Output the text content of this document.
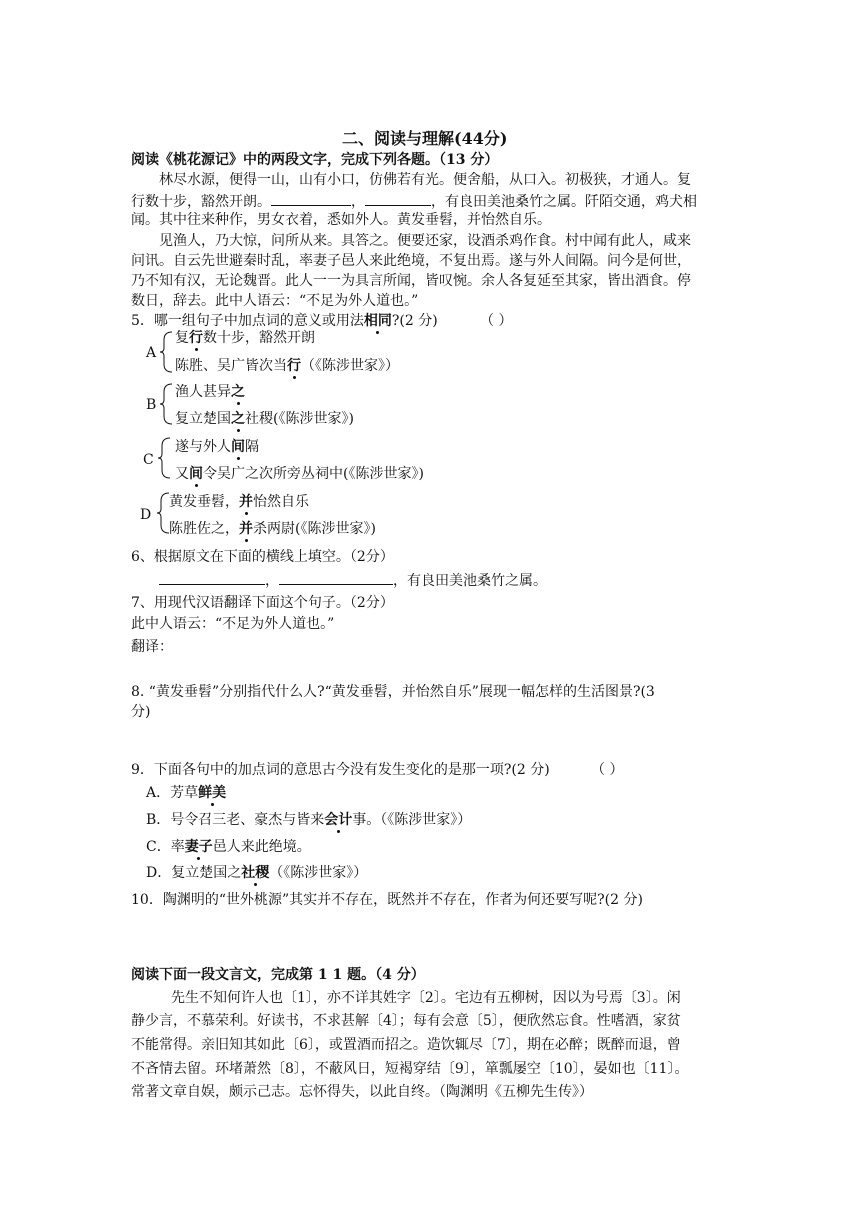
二、阅读与理解(44分)
阅读《桃花源记》中的两段文字，完成下列各题。（13 分）
林尽水源，便得一山，山有小口，仿佛若有光。便舍船，从口入。初极狭，才通人。复
行数十步，豁然开朗。	，	，有良田美池桑竹之属。阡陌交通，鸡犬相
闻。其中往来种作，男女衣着，悉如外人。黄发垂髫，并怡然自乐。
见渔人，乃大惊，问所从来。具答之。便要还家，设酒杀鸡作食。村中闻有此人，咸来
问讯。自云先世避秦时乱，率妻子邑人来此绝境，不复出焉。遂与外人间隔。问今是何世，
乃不知有汉，无论魏晋。此人一一为具言所闻，皆叹惋。余人各复延至其家，皆出酒食。停
数日，辞去。此中人语云：“不足为外人道也。”
5．哪一组句子中加点词的意义或用法相同?(2 分)	（ ）
A
复行数十步，豁然开朗
陈胜、吴广皆次当行（《陈涉世家》）
B
渔人甚异之
复立楚国之社稷(《陈涉世家》)
C
遂与外人间隔
又间令吴广之次所旁丛祠中(《陈涉世家》)
D
黄发垂髫，并怡然自乐
陈胜佐之，并杀两尉(《陈涉世家》)
6、根据原文在下面的横线上填空。（2分）
，	，有良田美池桑竹之属。
7、用现代汉语翻译下面这个句子。（2分）
此中人语云：“不足为外人道也。”
翻译：
8. “黄发垂髫”分别指代什么人?“黄发垂髫，并怡然自乐”展现一幅怎样的生活图景?(3
分)
9．下面各句中的加点词的意思古今没有发生变化的是那一项?(2 分)	（ ）
A．芳草鲜美
B．号令召三老、豪杰与皆来会计事。（《陈涉世家》）
C．率妻子邑人来此绝境。
D．复立楚国之社稷（《陈涉世家》）
10．陶渊明的“世外桃源”其实并不存在，既然并不存在，作者为何还要写呢?(2 分)
阅读下面一段文言文，完成第 1 1 题。（4 分）
先生不知何许人也〔1〕，亦不详其姓字〔2〕。宅边有五柳树，因以为号焉〔3〕。闲
静少言，不慕荣利。好读书，不求甚解〔4〕；每有会意〔5〕，便欣然忘食。性嗜酒，家贫
不能常得。亲旧知其如此〔6〕，或置酒而招之。造饮辄尽〔7〕，期在必醉；既醉而退，曾
不吝情去留。环堵萧然〔8〕，不蔽风日，短褐穿结〔9〕，箪瓢屡空〔10〕，晏如也〔11〕。
常著文章自娱，颇示己志。忘怀得失，以此自终。（陶渊明《五柳先生传》）
